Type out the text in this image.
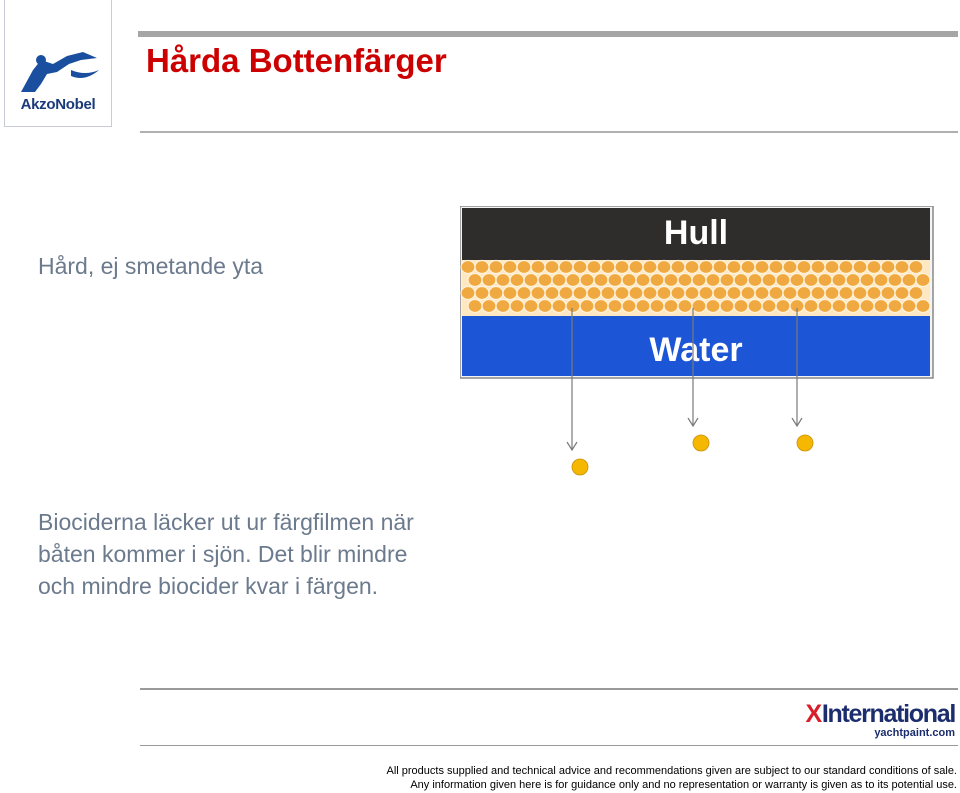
AkzoNobel
Hårda Bottenfärger
Hård, ej smetande yta
Biociderna läcker ut ur färgfilmen när båten kommer i sjön. Det blir mindre och mindre biocider kvar i färgen.
Hull
Water
XInternational
yachtpaint.com
All products supplied and technical advice and recommendations given are subject to our standard conditions of sale.
Any information given here is for guidance only and no representation or warranty is given as to its potential use.
